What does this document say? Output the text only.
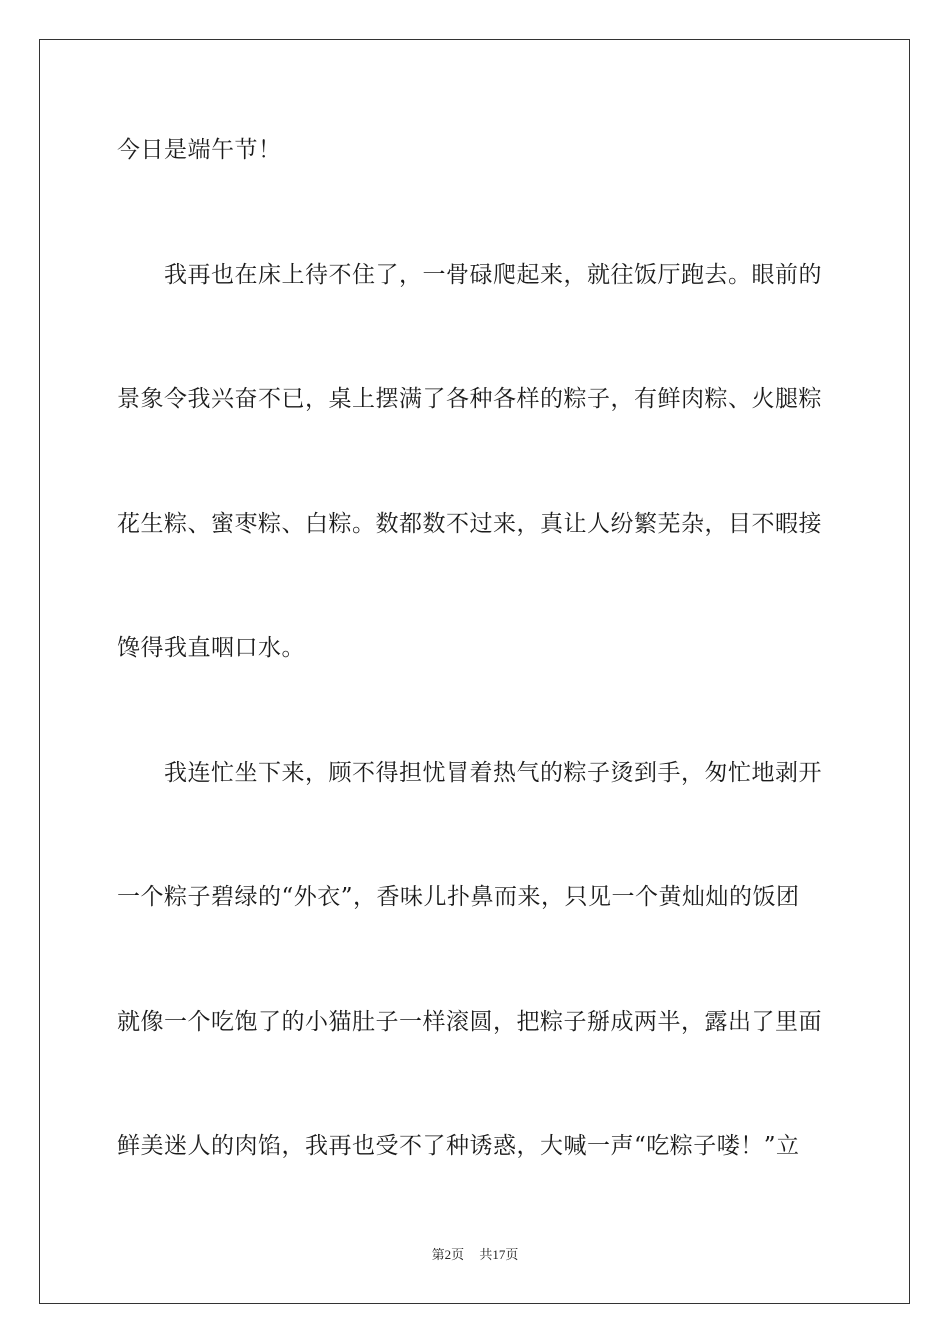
今日是端午节！
我再也在床上待不住了，一骨碌爬起来，就往饭厅跑去。眼前的
景象令我兴奋不已，桌上摆满了各种各样的粽子，有鲜肉粽、火腿粽
花生粽、蜜枣粽、白粽。数都数不过来，真让人纷繁芜杂，目不暇接
馋得我直咽口水。
我连忙坐下来，顾不得担忧冒着热气的粽子烫到手，匆忙地剥开
一个粽子碧绿的“外衣”，香味儿扑鼻而来，只见一个黄灿灿的饭团
就像一个吃饱了的小猫肚子一样滚圆，把粽子掰成两半，露出了里面
鲜美迷人的肉馅，我再也受不了种诱惑，大喊一声“吃粽子喽！”立
第2页 共17页
